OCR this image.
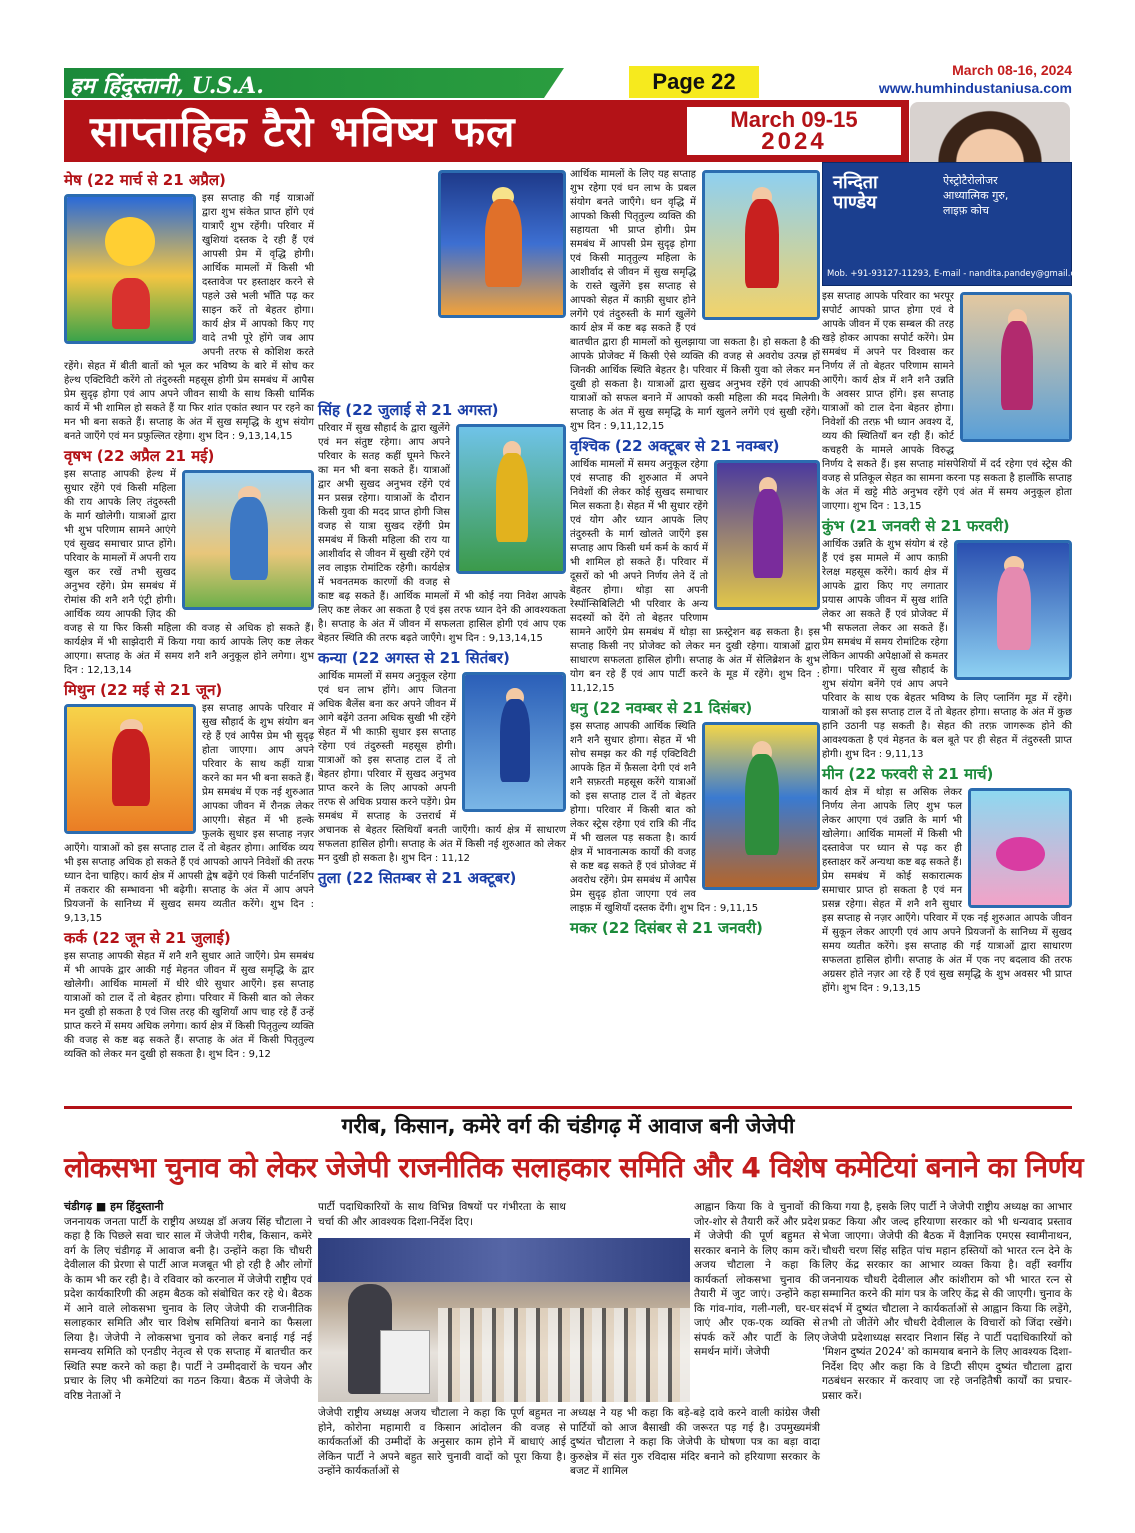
हम हिंदुस्तानी, U.S.A.	Page 22	March 08-16, 2024
www.humhindustaniusa.com
साप्ताहिक टैरो भविष्य फल	March 09-15
2024
नन्दिता
पाण्डेय
ऐस्ट्रोटैरोलोजर
आध्यात्मिक गुरु,
लाइफ़ कोच
Mob. +91-93127-11293, E-mail - nandita.pandey@gmail.com
मेष (22 मार्च से 21 अप्रैल)

इस सप्ताह की गई यात्राओं द्वारा शुभ संकेत प्राप्त होंगे एवं यात्राएँ शुभ रहेंगी। परिवार में खुशियां दस्तक दे रही हैं एवं आपसी प्रेम में वृद्धि होगी। आर्थिक मामलों में किसी भी दस्तावेज पर हस्ताक्षर करने से पहले उसे भली भाँति पढ़ कर साइन करें तो बेहतर होगा। कार्य क्षेत्र में आपको किए गए वादे तभी पूरे होंगे जब आप अपनी तरफ से कोशिश करते रहेंगे। सेहत में बीती बातों को भूल कर भविष्य के बारे में सोच कर हेल्थ एक्टिविटी करेंगे तो तंदुरुस्ती महसूस होगी प्रेम समबंध में आपैस प्रेम सुदृढ़ होगा एवं आप अपने जीवन साथी के साथ किसी धार्मिक कार्य में भी शामिल हो सकते हैं या फिर शांत एकांत स्थान पर रहने का मन भी बना सकते हैं। सप्ताह के अंत में सुख समृद्धि के शुभ संयोग बनते जाएँगे एवं मन प्रफुल्लित रहेगा। शुभ दिन : 9,13,14,15

वृषभ (22 अप्रैल 21 मई)

इस सप्ताह आपकी हेल्थ में सुधार रहेंगे एवं किसी महिला की राय आपके लिए तंदुरुस्ती के मार्ग खोलेगी। यात्राओं द्वारा भी शुभ परिणाम सामने आएंगे एवं सुखद समाचार प्राप्त होंगे। परिवार के मामलों में अपनी राय खुल कर रखें तभी सुखद अनुभव रहेंगे। प्रेम समबंध में रोमांस की शनै शनै एंट्री होगी। आर्थिक व्यय आपकी ज़िद की वजह से या फिर किसी महिला की वजह से अधिक हो सकते हैं। कार्यक्षेत्र में भी साझेदारी में किया गया कार्य आपके लिए कष्ट लेकर आएगा। सप्ताह के अंत में समय शनै शनै अनुकूल होने लगेगा। शुभ दिन : 12,13,14

मिथुन (22 मई से 21 जून)

इस सप्ताह आपके परिवार में सुख सौहार्द के शुभ संयोग बन रहे हैं एवं आपैस प्रेम भी सुदृढ़ होता जाएगा। आप अपने परिवार के साथ कहीं यात्रा करने का मन भी बना सकते हैं। प्रेम समबंध में एक नई शुरुआत आपका जीवन में रौनक़ लेकर आएगी। सेहत में भी हल्के फुलके सुधार इस सप्ताह नज़र आएँगे। यात्राओं को इस सप्ताह टाल दें तो बेहतर होगा। आर्थिक व्यय भी इस सप्ताह अधिक हो सकते हैं एवं आपको आपने निवेशों की तरफ ध्यान देना चाहिए। कार्य क्षेत्र में आपसी द्वेष बढ़ेंगे एवं किसी पार्टनर्शिप में तकरार की सम्भावना भी बढ़ेगी। सप्ताह के अंत में आप अपने प्रियजनों के सानिध्य में सुखद समय व्यतीत करेंगे। शुभ दिन : 9,13,15

कर्क (22 जून से 21 जुलाई)

इस सप्ताह आपकी सेहत में शनै शनै सुधार आते जाएँगे। प्रेम समबंध में भी आपके द्वार आकी गई मेहनत जीवन में सुख समृद्धि के द्वार खोलेगी। आर्थिक मामलों में धीरे धीरे सुधार आएँगे। इस सप्ताह यात्राओं को टाल दें तो बेहतर होगा। परिवार में किसी बात को लेकर मन दुखी हो सकता है एवं जिस तरह की खुशियाँ आप चाह रहे हैं उन्हें प्राप्त करने में समय अधिक लगेगा। कार्य क्षेत्र में किसी पितृतुल्य व्यक्ति की वजह से कष्ट बढ़ सकते हैं। सप्ताह के अंत में किसी पितृतुल्य व्यक्ति को लेकर मन दुखी हो सकता है। शुभ दिन : 9,12

सिंह (22 जुलाई से 21 अगस्त)

परिवार में सुख सौहार्द के द्वारा खुलेंगे एवं मन संतुष्ट रहेगा। आप अपने परिवार के सतह कहीं घूमने फिरने का मन भी बना सकते हैं। यात्राओं द्वार अभी सुखद अनुभव रहेंगे एवं मन प्रसन्न रहेगा। यात्राओं के दौरान किसी युवा की मदद प्राप्त होगी जिस वजह से यात्रा सुखद रहेंगी प्रेम समबंध में किसी महिला की राय या आशीर्वाद से जीवन में सुखी रहेंगे एवं लव लाइफ़ रोमांटिक रहेगी। कार्यक्षेत्र में भवनतमक कारणों की वजह से काष्ट बढ़ सकते हैं। आर्थिक मामलों में भी कोई नया निवेश आपके लिए कष्ट लेकर आ सकता है एवं इस तरफ ध्यान देने की आवश्यकता है। सप्ताह के अंत में जीवन में सफलता हासिल होगी एवं आप एक बेहतर स्थिति की तरफ बढ़ते जाएँगे। शुभ दिन : 9,13,14,15

कन्या (22 अगस्त से 21 सितंबर)

आर्थिक मामलों में समय अनुकूल रहेगा एवं धन लाभ होंगे। आप जितना अधिक बैलेंस बना कर अपने जीवन में आगे बढ़ेंगे उतना अधिक सुखी भी रहेंगे सेहत में भी काफ़ी सुधार इस सप्ताह रहेगा एवं तंदुरुस्ती महसूस होगी। यात्राओं को इस सप्ताह टाल दें तो बेहतर होगा। परिवार में सुखद अनुभव प्राप्त करने के लिए आपको अपनी तरफ से अधिक प्रयास करने पड़ेंगे। प्रेम समबंध में सप्ताह के उत्तरार्ध में अचानक से बेहतर स्तिथियाँ बनती जाएँगी। कार्य क्षेत्र में साधारण सफलता हासिल होगी। सप्ताह के अंत में किसी नई शुरुआत को लेकर मन दुखी हो सकता है। शुभ दिन : 11,12

तुला (22 सितम्बर से 21 अक्टूबर)

आर्थिक मामलों के लिए यह सप्ताह शुभ रहेगा एवं धन लाभ के प्रबल संयोग बनते जाएँगे। धन वृद्धि में आपको किसी पितृतुल्य व्यक्ति की सहायता भी प्राप्त होगी। प्रेम समबंध में आपसी प्रेम सुदृढ़ होगा एवं किसी मातृतुल्य महिला के आशीर्वाद से जीवन में सुख समृद्धि के रास्ते खुलेंगे इस सप्ताह से आपको सेहत में काफ़ी सुधार होने लगेंगे एवं तंदुरुस्ती के मार्ग खुलेंगे कार्य क्षेत्र में कष्ट बढ़ सकते हैं एवं बातचीत द्वारा ही मामलों को सुलझाया जा सकता है। हो सकता है की आपके प्रोजेक्ट में किसी ऐसे व्यक्ति की वजह से अवरोध उत्पन्न हों जिनकी आर्थिक स्थिति बेहतर है। परिवार में किसी युवा को लेकर मन दुखी हो सकता है। यात्राओं द्वारा सुखद अनुभव रहेंगे एवं आपकी यात्राओं को सफल बनाने में आपको कसी महिला की मदद मिलेगी। सप्ताह के अंत में सुख समृद्धि के मार्ग खुलने लगेंगे एवं सुखी रहेंगे। शुभ दिन : 9,11,12,15

वृश्चिक (22 अक्टूबर से 21 नवम्बर)

आर्थिक मामलों में समय अनुकूल रहेगा एवं सप्ताह की शुरुआत में अपने निवेशों की लेकर कोई सुखद समाचार मिल सकता है। सेहत में भी सुधार रहेंगे एवं योग और ध्यान आपके लिए तंदुरुस्ती के मार्ग खोलते जाएँगे इस सप्ताह आप किसी धर्म कर्म के कार्य में भी शामिल हो सकते हैं। परिवार में दूसरों को भी अपने निर्णय लेने दें तो बेहतर होगा। थोड़ा सा अपनी रेस्पॉन्सिबिलिटी भी परिवार के अन्य सदस्यों को देंगे तो बेहतर परिणाम सामने आएँगे प्रेम समबंध में थोड़ा सा फ्रस्ट्रेशन बढ़ सकता है। इस सप्ताह किसी नए प्रोजेक्ट को लेकर मन दुखी रहेगा। यात्राओं द्वारा साधारण सफलता हासिल होगी। सप्ताह के अंत में सेलिब्रेशन के शुभ योग बन रहे हैं एवं आप पार्टी करने के मूड में रहेंगे। शुभ दिन : 11,12,15

धनु (22 नवम्बर से 21 दिसंबर)

इस सप्ताह आपकी आर्थिक स्थिति शनै शनै सुधार होगा। सेहत में भी सोच समझ कर की गई एक्टिविटी आपके हित में फ़ैसला देगी एवं शनै शनै सफ़रती महसूस करेंगे यात्राओं को इस सप्ताह टाल दें तो बेहतर होगा। परिवार में किसी बात को लेकर स्ट्रेस रहेगा एवं रात्रि की नींद में भी खलल पड़ सकता है। कार्य क्षेत्र में भावनात्मक कार्यों की वजह से कष्ट बढ़ सकते हैं एवं प्रोजेक्ट में अवरोध रहेंगे। प्रेम समबंध में आपैस प्रेम सुदृढ़ होता जाएगा एवं लव लाइफ़ में खुशियाँ दस्तक देंगी। शुभ दिन : 9,11,15

मकर (22 दिसंबर से 21 जनवरी)

इस सप्ताह आपके परिवार का भरपूर सपोर्ट आपको प्राप्त होगा एवं वे आपके जीवन में एक सम्बल की तरह खड़े होकर आपका सपोर्ट करेंगे। प्रेम समबंध में अपने पर विश्वास कर निर्णय लें तो बेहतर परिणाम सामने आएँगे। कार्य क्षेत्र में शनै शनै उन्नति के अवसर प्राप्त होंगे। इस सप्ताह यात्राओं को टाल देना बेहतर होगा। निवेशों की तरफ़ भी ध्यान अवश्य दें, व्यय की स्थितियाँ बन रही हैं। कोर्ट कचहरी के मामले आपके विरुद्ध निर्णय दे सकते हैं। इस सप्ताह मांसपेशियों में दर्द रहेगा एवं स्ट्रेस की वजह से प्रतिकूल सेहत का सामना करना पड़ सकता है हालाँकि सप्ताह के अंत में खट्टे मीठे अनुभव रहेंगे एवं अंत में समय अनुकूल होता जाएगा। शुभ दिन : 13,15

कुंभ (21 जनवरी से 21 फरवरी)

आर्थिक उन्नति के शुभ संयोग बं रहे हैं एवं इस मामले में आप काफ़ी रेलक्ष महसूस करेंगे। कार्य क्षेत्र में आपके द्वारा किए गए लगातार प्रयास आपके जीवन में सुख शांति लेकर आ सकते हैं एवं प्रोजेक्ट में भी सफलता लेकर आ सकते हैं। प्रेम समबंध में समय रोमांटिक रहेगा लेकिन आपकी अपेक्षाओं से कमतर होगा। परिवार में सुख सौहार्द के शुभ संयोग बनेंगे एवं आप अपने परिवार के साथ एक बेहतर भविष्य के लिए प्लानिंग मूड में रहेंगे। यात्राओं को इस सप्ताह टाल दें तो बेहतर होगा। सप्ताह के अंत में कुछ हानि उठानी पड़ सकती है। सेहत की तरफ़ जागरूक होने की आवश्यकता है एवं मेहनत के बल बूते पर ही सेहत में तंदुरुस्ती प्राप्त होगी। शुभ दिन : 9,11,13

मीन (22 फरवरी से 21 मार्च)

कार्य क्षेत्र में थोड़ा स असिक लेकर निर्णय लेना आपके लिए शुभ फल लेकर आएगा एवं उन्नति के मार्ग भी खोलेगा। आर्थिक मामलों में किसी भी दस्तावेज पर ध्यान से पढ़ कर ही हस्ताक्षर करें अन्यथा कष्ट बढ़ सकते हैं। प्रेम समबंध में कोई सकारात्मक समाचार प्राप्त हो सकता है एवं मन प्रसन्न रहेगा। सेहत में शनै शनै सुधार इस सप्ताह से नज़र आएँगे। परिवार में एक नई शुरुआत आपके जीवन में सुकून लेकर आएगी एवं आप अपने प्रियजनों के सानिध्य में सुखद समय व्यतीत करेंगे। इस सप्ताह की गई यात्राओं द्वारा साधारण सफलता हासिल होगी। सप्ताह के अंत में एक नए बदलाव की तरफ अग्रसर होते नज़र आ रहे हैं एवं सुख समृद्धि के शुभ अवसर भी प्राप्त होंगे। शुभ दिन : 9,13,15

गरीब, किसान, कमेरे वर्ग की चंडीगढ़ में आवाज बनी जेजेपी
लोकसभा चुनाव को लेकर जेजेपी राजनीतिक सलाहकार समिति और 4 विशेष कमेटियां बनाने का निर्णय
चंडीगढ़ ■ हम हिंदुस्तानी

जननायक जनता पार्टी के राष्ट्रीय अध्यक्ष डॉ अजय सिंह चौटाला ने कहा है कि पिछले सवा चार साल में जेजेपी गरीब, किसान, कमेरे वर्ग के लिए चंडीगढ़ में आवाज बनी है। उन्होंने कहा कि चौधरी देवीलाल की प्रेरणा से पार्टी आज मजबूत भी हो रही है और लोगों के काम भी कर रही है। वे रविवार को करनाल में जेजेपी राष्ट्रीय एवं प्रदेश कार्यकारिणी की अहम बैठक को संबोधित कर रहे थे। बैठक में आने वाले लोकसभा चुनाव के लिए जेजेपी की राजनीतिक सलाहकार समिति और चार विशेष समितियां बनाने का फैसला लिया है। जेजेपी ने लोकसभा चुनाव को लेकर बनाई गई नई समन्वय समिति को एनडीए नेतृत्व से एक सप्ताह में बातचीत कर स्थिति स्पष्ट करने को कहा है। पार्टी ने उम्मीदवारों के चयन और प्रचार के लिए भी कमेटियां का गठन किया। बैठक में जेजेपी के वरिष्ठ नेताओं ने

पार्टी पदाधिकारियों के साथ विभिन्न विषयों पर गंभीरता के साथ चर्चा की और आवश्यक दिशा-निर्देश दिए।

जेजेपी राष्ट्रीय अध्यक्ष अजय चौटाला ने कहा कि पूर्ण बहुमत ना होने, कोरोना महामारी व किसान आंदोलन की वजह से कार्यकर्ताओं की उम्मीदों के अनुसार काम होने में बाधाएं आई लेकिन पार्टी ने अपने बहुत सारे चुनावी वादों को पूरा किया है। उन्होंने कार्यकर्ताओं से

आह्वान किया कि वे चुनावों की जोर-शोर से तैयारी करें और प्रदेश में जेजेपी की पूर्ण बहुमत से सरकार बनाने के लिए काम करें। अजय चौटाला ने कहा कि कार्यकर्ता लोकसभा चुनाव की तैयारी में जुट जाएं। उन्होंने कहा कि गांव-गांव, गली-गली, घर-घर जाएं और एक-एक व्यक्ति से संपर्क करें और पार्टी के लिए समर्थन मांगें। जेजेपी

अध्यक्ष ने यह भी कहा कि बड़े-बड़े दावे करने वाली कांग्रेस जैसी पार्टियों को आज बैसाखी की जरूरत पड़ गई है। उपमुख्यमंत्री दुष्यंत चौटाला ने कहा कि जेजेपी के घोषणा पत्र का बड़ा वादा कुरुक्षेत्र में संत गुरु रविदास मंदिर बनाने को हरियाणा सरकार के बजट में शामिल

किया गया है, इसके लिए पार्टी ने जेजेपी राष्ट्रीय अध्यक्ष का आभार प्रकट किया और जल्द हरियाणा सरकार को भी धन्यवाद प्रस्ताव भेजा जाएगा। जेजेपी की बैठक में वैज्ञानिक एमएस स्वामीनाथन, चौधरी चरण सिंह सहित पांच महान हस्तियों को भारत रत्न देने के लिए केंद्र सरकार का आभार व्यक्त किया है। वहीं स्वर्गीय जननायक चौधरी देवीलाल और कांशीराम को भी भारत रत्न से सम्मानित करने की मांग पत्र के जरिए केंद्र से की जाएगी। चुनाव के संदर्भ में दुष्यंत चौटाला ने कार्यकर्ताओं से आह्वान किया कि लड़ेंगे, तभी तो जीतेंगे और चौधरी देवीलाल के विचारों को जिंदा रखेंगे। जेजेपी प्रदेशाध्यक्ष सरदार निशान सिंह ने पार्टी पदाधिकारियों को 'मिशन दुष्यंत 2024' को कामयाब बनाने के लिए आवश्यक दिशा-निर्देश दिए और कहा कि वे डिप्टी सीएम दुष्यंत चौटाला द्वारा गठबंधन सरकार में करवाए जा रहे जनहितैषी कार्यों का प्रचार-प्रसार करें।
